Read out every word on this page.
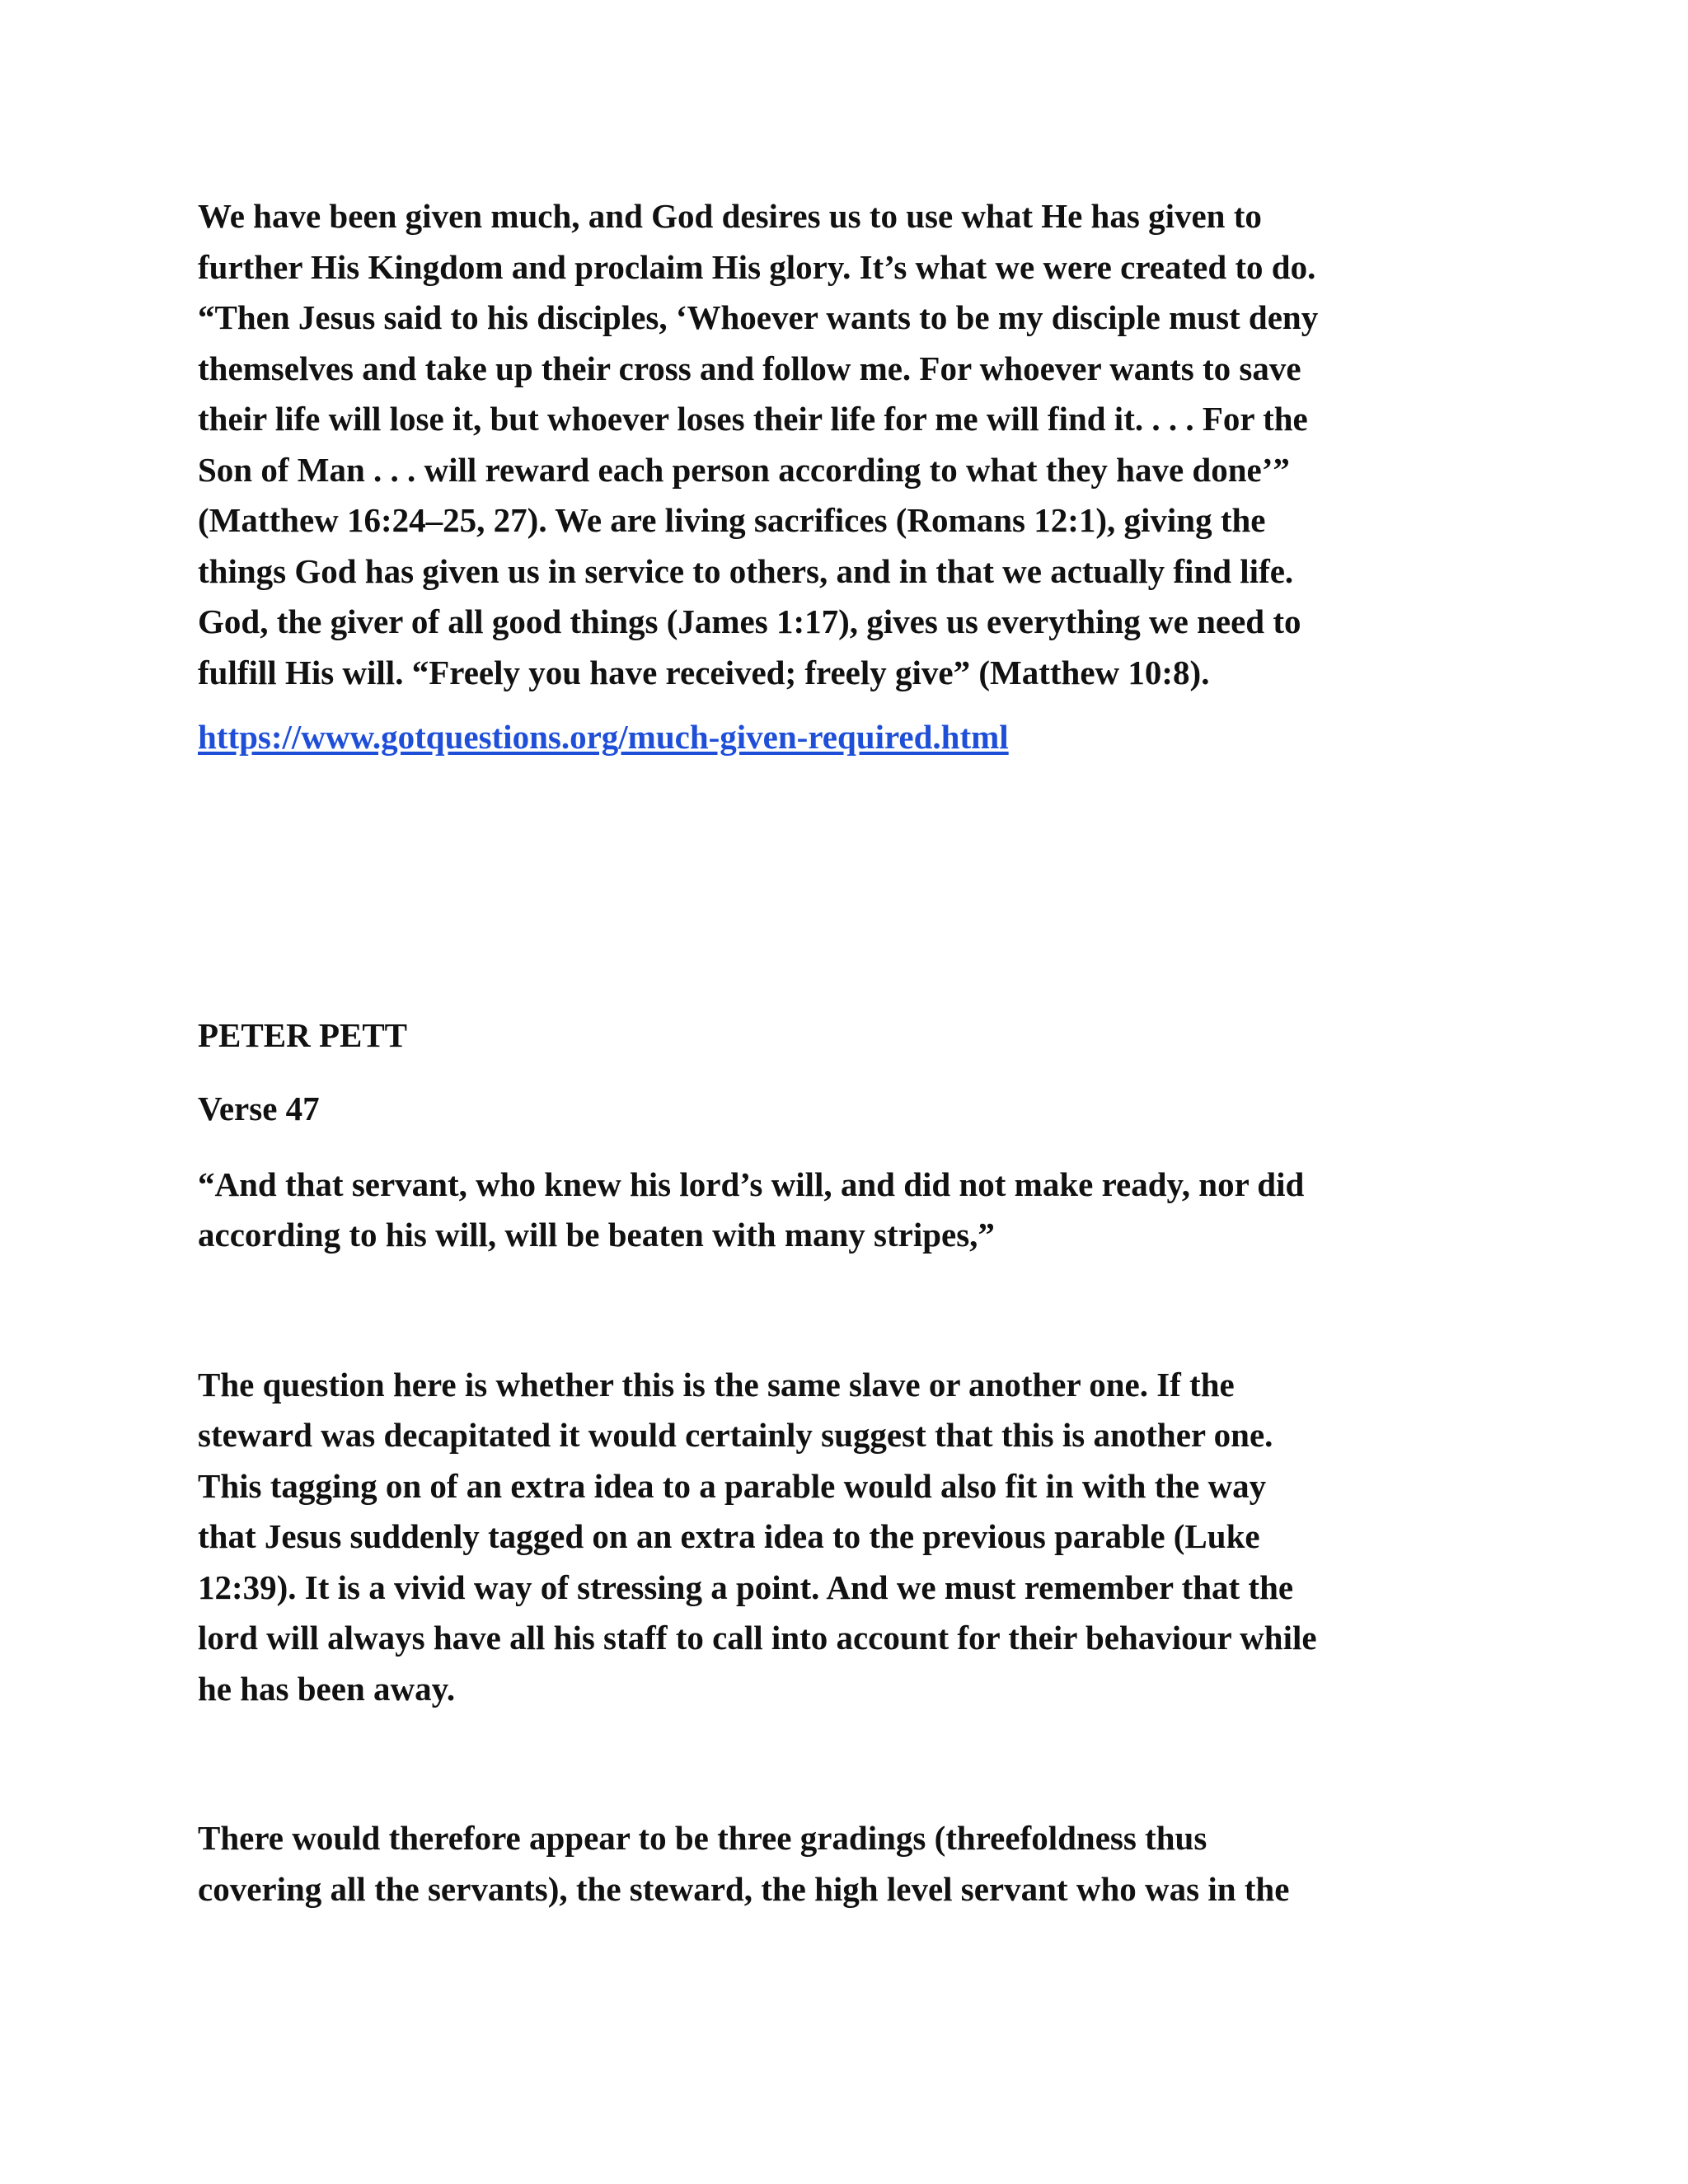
We have been given much, and God desires us to use what He has given to
further His Kingdom and proclaim His glory. It’s what we were created to do.
“Then Jesus said to his disciples, ‘Whoever wants to be my disciple must deny
themselves and take up their cross and follow me. For whoever wants to save
their life will lose it, but whoever loses their life for me will find it. . . . For the
Son of Man . . . will reward each person according to what they have done’”
(Matthew 16:24–25, 27). We are living sacrifices (Romans 12:1), giving the
things God has given us in service to others, and in that we actually find life.
God, the giver of all good things (James 1:17), gives us everything we need to
fulfill His will. “Freely you have received; freely give” (Matthew 10:8).
https://www.gotquestions.org/much-given-required.html
PETER PETT
Verse 47
“And that servant, who knew his lord’s will, and did not make ready, nor did
according to his will, will be beaten with many stripes,”
The question here is whether this is the same slave or another one. If the
steward was decapitated it would certainly suggest that this is another one.
This tagging on of an extra idea to a parable would also fit in with the way
that Jesus suddenly tagged on an extra idea to the previous parable (Luke
12:39). It is a vivid way of stressing a point. And we must remember that the
lord will always have all his staff to call into account for their behaviour while
he has been away.
There would therefore appear to be three gradings (threefoldness thus
covering all the servants), the steward, the high level servant who was in the
